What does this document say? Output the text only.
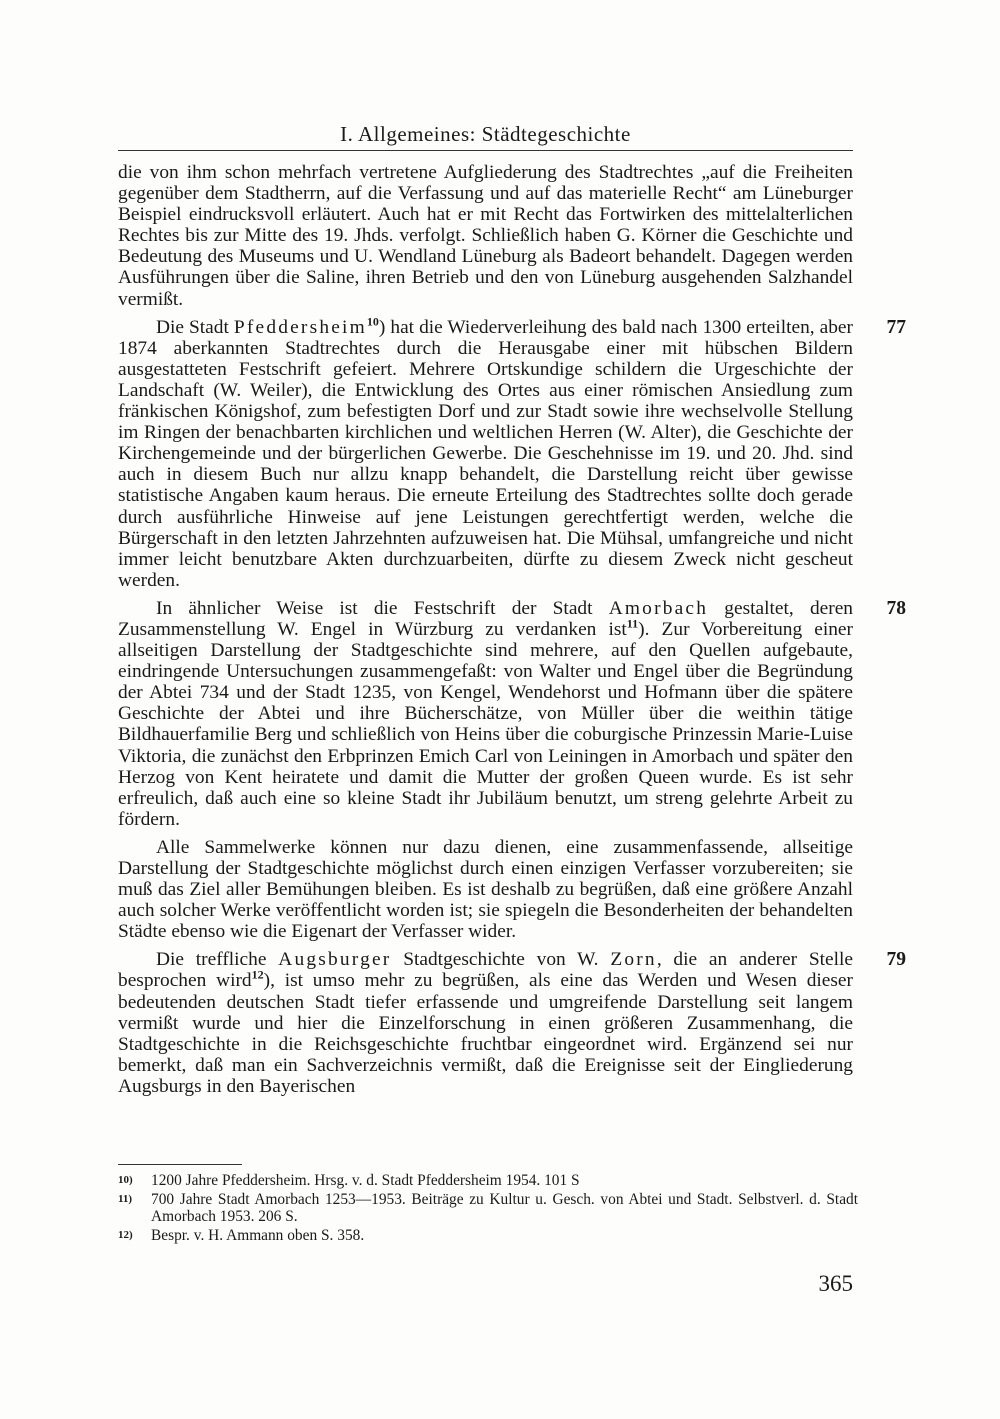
I. Allgemeines: Städtegeschichte

die von ihm schon mehrfach vertretene Aufgliederung des Stadtrechtes „auf die Freiheiten gegenüber dem Stadtherrn, auf die Verfassung und auf das materielle Recht“ am Lüneburger Beispiel eindrucksvoll erläutert. Auch hat er mit Recht das Fortwirken des mittelalterlichen Rechtes bis zur Mitte des 19. Jhds. verfolgt. Schließlich haben G. Körner die Geschichte und Bedeutung des Museums und U. Wendland Lüneburg als Badeort behandelt. Dagegen werden Ausführungen über die Saline, ihren Betrieb und den von Lüneburg ausgehenden Salzhandel vermißt.

77
Die Stadt Pfeddersheim$^{10}$) hat die Wiederverleihung des bald nach 1300 erteilten, aber 1874 aberkannten Stadtrechtes durch die Herausgabe einer mit hübschen Bildern ausgestatteten Festschrift gefeiert. Mehrere Ortskundige schildern die Urgeschichte der Landschaft (W. Weiler), die Entwicklung des Ortes aus einer römischen Ansiedlung zum fränkischen Königshof, zum befestigten Dorf und zur Stadt sowie ihre wechselvolle Stellung im Ringen der benachbarten kirchlichen und weltlichen Herren (W. Alter), die Geschichte der Kirchengemeinde und der bürgerlichen Gewerbe. Die Geschehnisse im 19. und 20. Jhd. sind auch in diesem Buch nur allzu knapp behandelt, die Darstellung reicht über gewisse statistische Angaben kaum heraus. Die erneute Erteilung des Stadtrechtes sollte doch gerade durch ausführliche Hinweise auf jene Leistungen gerechtfertigt werden, welche die Bürgerschaft in den letzten Jahrzehnten aufzuweisen hat. Die Mühsal, umfangreiche und nicht immer leicht benutzbare Akten durchzuarbeiten, dürfte zu diesem Zweck nicht gescheut werden.

78
In ähnlicher Weise ist die Festschrift der Stadt Amorbach gestaltet, deren Zusammenstellung W. Engel in Würzburg zu verdanken ist$^{11}$). Zur Vorbereitung einer allseitigen Darstellung der Stadtgeschichte sind mehrere, auf den Quellen aufgebaute, eindringende Untersuchungen zusammengefaßt: von Walter und Engel über die Begründung der Abtei 734 und der Stadt 1235, von Kengel, Wendehorst und Hofmann über die spätere Geschichte der Abtei und ihre Bücherschätze, von Müller über die weithin tätige Bildhauerfamilie Berg und schließlich von Heins über die coburgische Prinzessin Marie-Luise Viktoria, die zunächst den Erbprinzen Emich Carl von Leiningen in Amorbach und später den Herzog von Kent heiratete und damit die Mutter der großen Queen wurde. Es ist sehr erfreulich, daß auch eine so kleine Stadt ihr Jubiläum benutzt, um streng gelehrte Arbeit zu fördern.

Alle Sammelwerke können nur dazu dienen, eine zusammenfassende, allseitige Darstellung der Stadtgeschichte möglichst durch einen einzigen Verfasser vorzubereiten; sie muß das Ziel aller Bemühungen bleiben. Es ist deshalb zu begrüßen, daß eine größere Anzahl auch solcher Werke veröffentlicht worden ist; sie spiegeln die Besonderheiten der behandelten Städte ebenso wie die Eigenart der Verfasser wider.

79
Die treffliche Augsburger Stadtgeschichte von W. Zorn, die an anderer Stelle besprochen wird$^{12}$), ist umso mehr zu begrüßen, als eine das Werden und Wesen dieser bedeutenden deutschen Stadt tiefer erfassende und umgreifende Darstellung seit langem vermißt wurde und hier die Einzelforschung in einen größeren Zusammenhang, die Stadtgeschichte in die Reichsgeschichte fruchtbar eingeordnet wird. Ergänzend sei nur bemerkt, daß man ein Sachverzeichnis vermißt, daß die Ereignisse seit der Eingliederung Augsburgs in den Bayerischen

10)	1200 Jahre Pfeddersheim. Hrsg. v. d. Stadt Pfeddersheim 1954. 101 S
11)	700 Jahre Stadt Amorbach 1253—1953. Beiträge zu Kultur u. Gesch. von Abtei und Stadt. Selbstverl. d. Stadt Amorbach 1953. 206 S.
12)	Bespr. v. H. Ammann oben S. 358.
365
